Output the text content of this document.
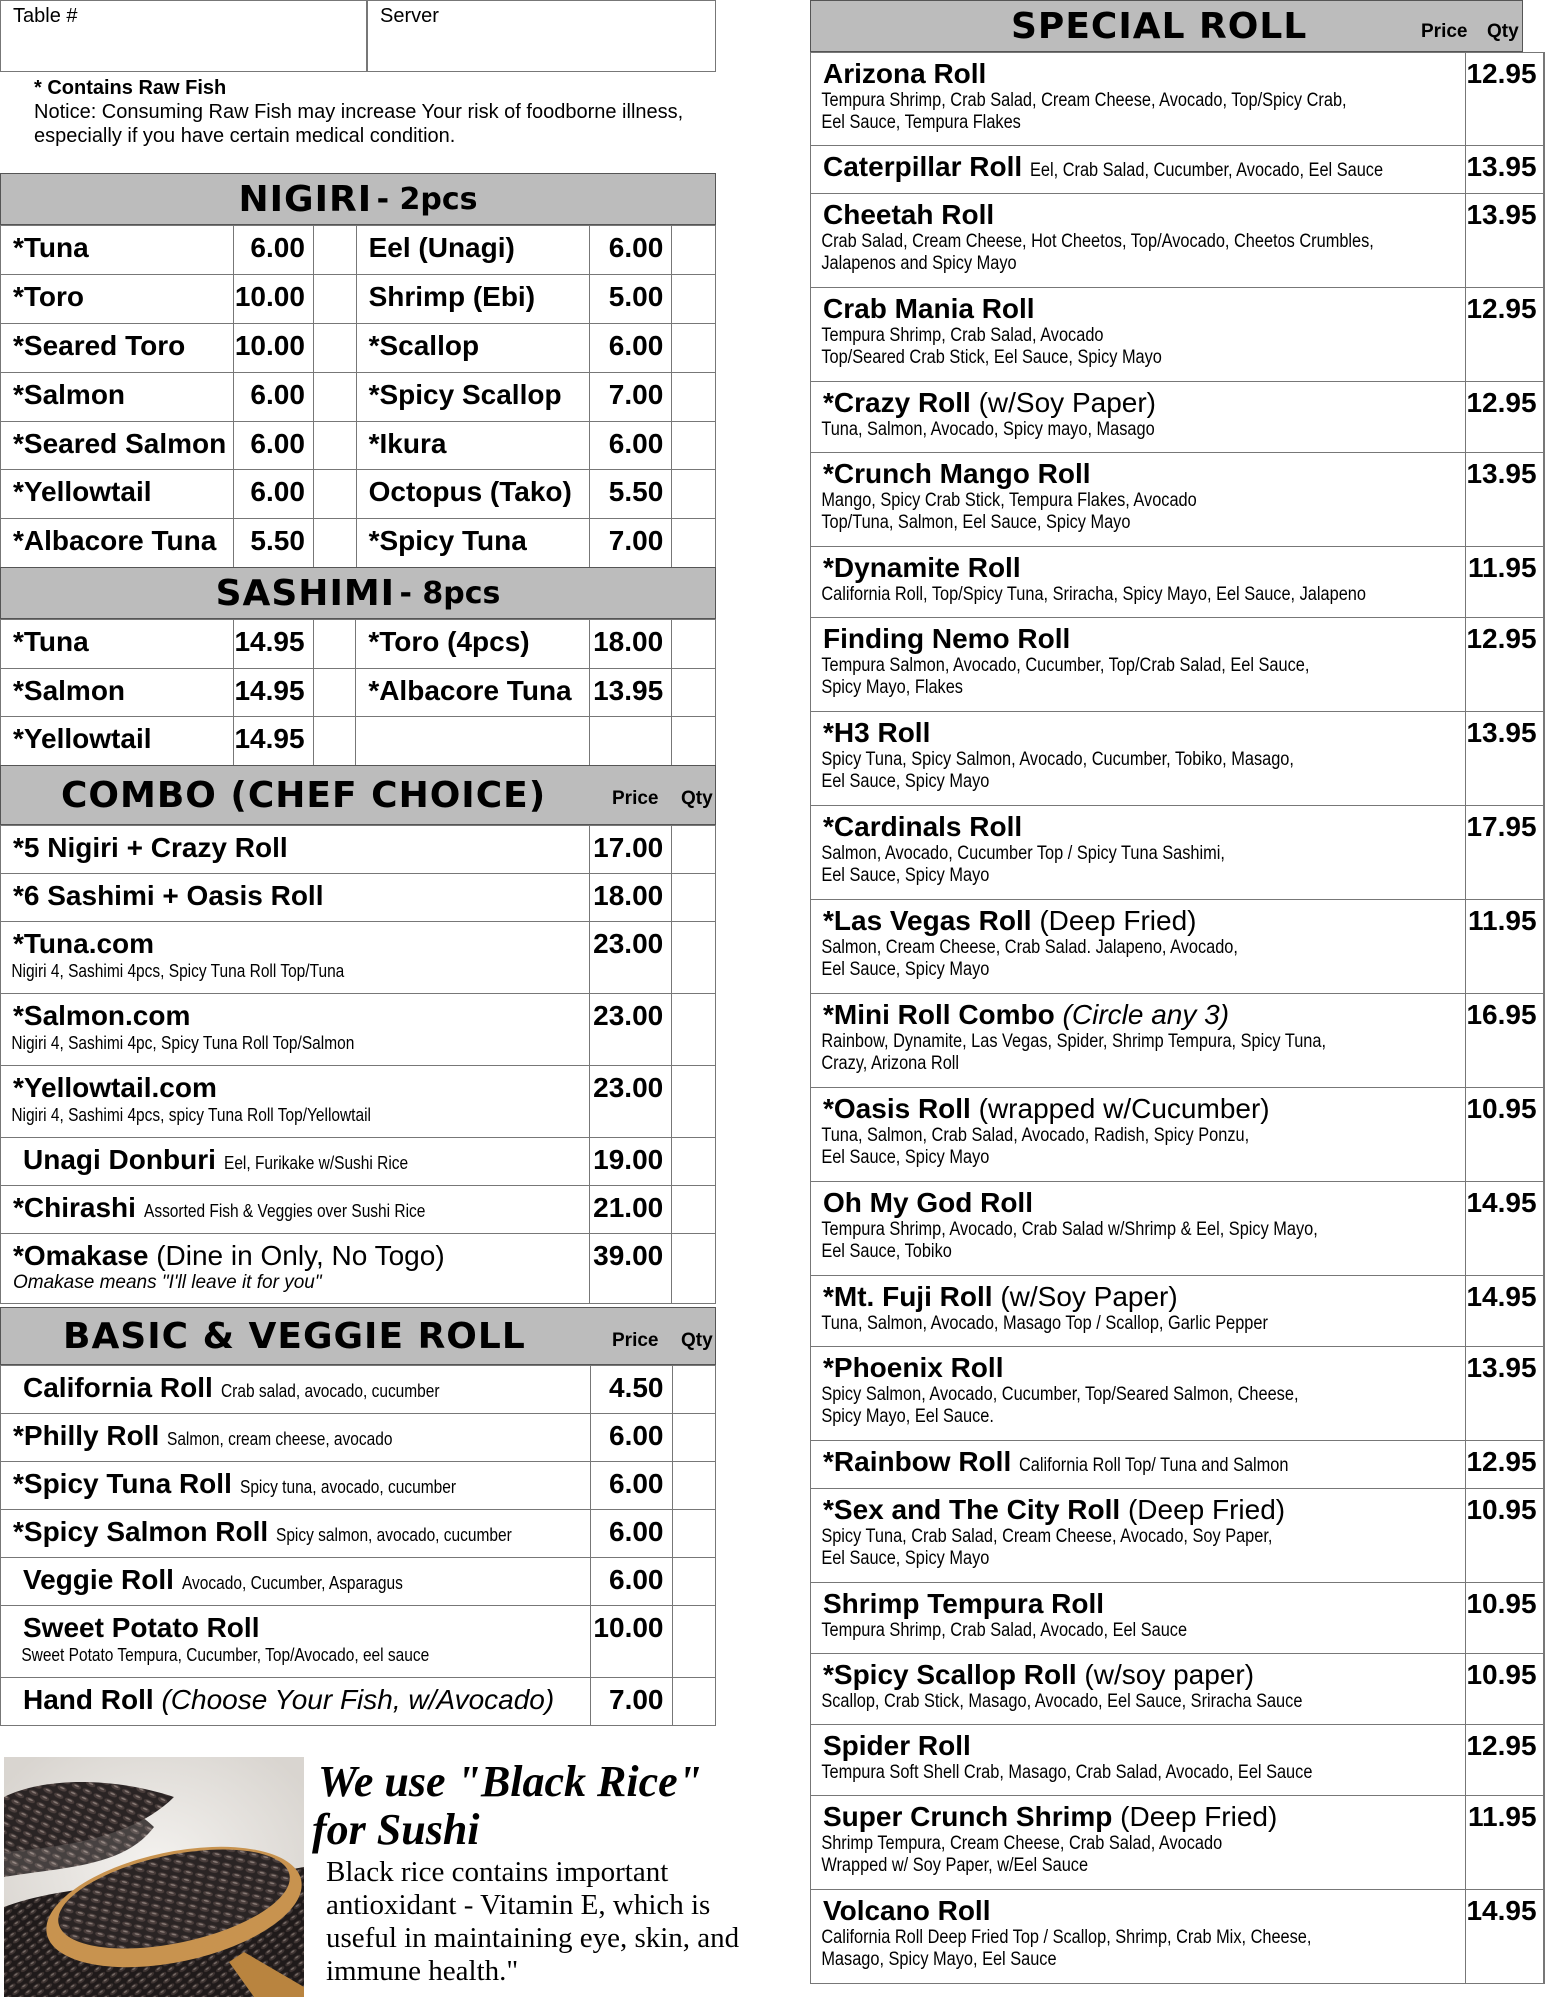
Table #	Server
* Contains Raw Fish
Notice: Consuming Raw Fish may increase Your risk of foodborne illness, especially if you have certain medical condition.
NIGIRI
- 2pcs
*Tuna	6.00		Eel (Unagi)	6.00	
*Toro	10.00		Shrimp (Ebi)	5.00	
*Seared Toro	10.00		*Scallop	6.00	
*Salmon	6.00		*Spicy Scallop	7.00	
*Seared Salmon	6.00		*Ikura	6.00	
*Yellowtail	6.00		Octopus (Tako)	5.50	
*Albacore Tuna	5.50		*Spicy Tuna	7.00	
SASHIMI
- 8pcs
*Tuna	14.95		*Toro (4pcs)	18.00	
*Salmon	14.95		*Albacore Tuna	13.95	
*Yellowtail	14.95				
COMBO (CHEF CHOICE)	Price Qty
*5 Nigiri + Crazy Roll	17.00	

*6 Sashimi + Oasis Roll	18.00	

*Tuna.com
Nigiri 4, Sashimi 4pcs, Spicy Tuna Roll Top/Tuna	23.00	

*Salmon.com
Nigiri 4, Sashimi 4pc, Spicy Tuna Roll Top/Salmon	23.00	

*Yellowtail.com
Nigiri 4, Sashimi 4pcs, spicy Tuna Roll Top/Yellowtail	23.00	

Unagi Donburi Eel, Furikake w/Sushi Rice	19.00	

*Chirashi Assorted Fish & Veggies over Sushi Rice	21.00	

*Omakase (Dine in Only, No Togo)
Omakase means "I'll leave it for you"	39.00	
BASIC & VEGGIE ROLL	Price Qty
California Roll Crab salad, avocado, cucumber	4.50	

*Philly Roll Salmon, cream cheese, avocado	6.00	

*Spicy Tuna Roll Spicy tuna, avocado, cucumber	6.00	

*Spicy Salmon Roll Spicy salmon, avocado, cucumber	6.00	

Veggie Roll Avocado, Cucumber, Asparagus	6.00	

Sweet Potato Roll
Sweet Potato Tempura, Cucumber, Top/Avocado, eel sauce	10.00	

Hand Roll (Choose Your Fish, w/Avocado)	7.00	
We use "Black Rice"
for Sushi
Black rice contains important antioxidant - Vitamin E, which is useful in maintaining eye, skin, and immune health."
SPECIAL ROLL	Price Qty
Arizona Roll
Tempura Shrimp, Crab Salad, Cream Cheese, Avocado, Top/Spicy Crab,
Eel Sauce, Tempura Flakes	12.95	

Caterpillar Roll Eel, Crab Salad, Cucumber, Avocado, Eel Sauce	13.95	

Cheetah Roll
Crab Salad, Cream Cheese, Hot Cheetos, Top/Avocado, Cheetos Crumbles,
Jalapenos and Spicy Mayo	13.95	

Crab Mania Roll
Tempura Shrimp, Crab Salad, Avocado
Top/Seared Crab Stick, Eel Sauce, Spicy Mayo	12.95	

*Crazy Roll (w/Soy Paper)
Tuna, Salmon, Avocado, Spicy mayo, Masago	12.95	

*Crunch Mango Roll
Mango, Spicy Crab Stick, Tempura Flakes, Avocado
Top/Tuna, Salmon, Eel Sauce, Spicy Mayo	13.95	

*Dynamite Roll
California Roll, Top/Spicy Tuna, Sriracha, Spicy Mayo, Eel Sauce, Jalapeno	11.95	

Finding Nemo Roll
Tempura Salmon, Avocado, Cucumber, Top/Crab Salad, Eel Sauce,
Spicy Mayo, Flakes	12.95	

*H3 Roll
Spicy Tuna, Spicy Salmon, Avocado, Cucumber, Tobiko, Masago,
Eel Sauce, Spicy Mayo	13.95	

*Cardinals Roll
Salmon, Avocado, Cucumber Top / Spicy Tuna Sashimi,
Eel Sauce, Spicy Mayo	17.95	

*Las Vegas Roll (Deep Fried)
Salmon, Cream Cheese, Crab Salad. Jalapeno, Avocado,
Eel Sauce, Spicy Mayo	11.95	

*Mini Roll Combo (Circle any 3)
Rainbow, Dynamite, Las Vegas, Spider, Shrimp Tempura, Spicy Tuna,
Crazy, Arizona Roll	16.95	

*Oasis Roll (wrapped w/Cucumber)
Tuna, Salmon, Crab Salad, Avocado, Radish, Spicy Ponzu,
Eel Sauce, Spicy Mayo	10.95	

Oh My God Roll
Tempura Shrimp, Avocado, Crab Salad w/Shrimp & Eel, Spicy Mayo,
Eel Sauce, Tobiko	14.95	

*Mt. Fuji Roll (w/Soy Paper)
Tuna, Salmon, Avocado, Masago Top / Scallop, Garlic Pepper	14.95	

*Phoenix Roll
Spicy Salmon, Avocado, Cucumber, Top/Seared Salmon, Cheese,
Spicy Mayo, Eel Sauce.	13.95	

*Rainbow Roll California Roll Top/ Tuna and Salmon	12.95	

*Sex and The City Roll (Deep Fried)
Spicy Tuna, Crab Salad, Cream Cheese, Avocado, Soy Paper,
Eel Sauce, Spicy Mayo	10.95	

Shrimp Tempura Roll
Tempura Shrimp, Crab Salad, Avocado, Eel Sauce	10.95	

*Spicy Scallop Roll (w/soy paper)
Scallop, Crab Stick, Masago, Avocado, Eel Sauce, Sriracha Sauce	10.95	

Spider Roll
Tempura Soft Shell Crab, Masago, Crab Salad, Avocado, Eel Sauce	12.95	

Super Crunch Shrimp (Deep Fried)
Shrimp Tempura, Cream Cheese, Crab Salad, Avocado
Wrapped w/ Soy Paper, w/Eel Sauce	11.95	

Volcano Roll
California Roll Deep Fried Top / Scallop, Shrimp, Crab Mix, Cheese,
Masago, Spicy Mayo, Eel Sauce	14.95	
